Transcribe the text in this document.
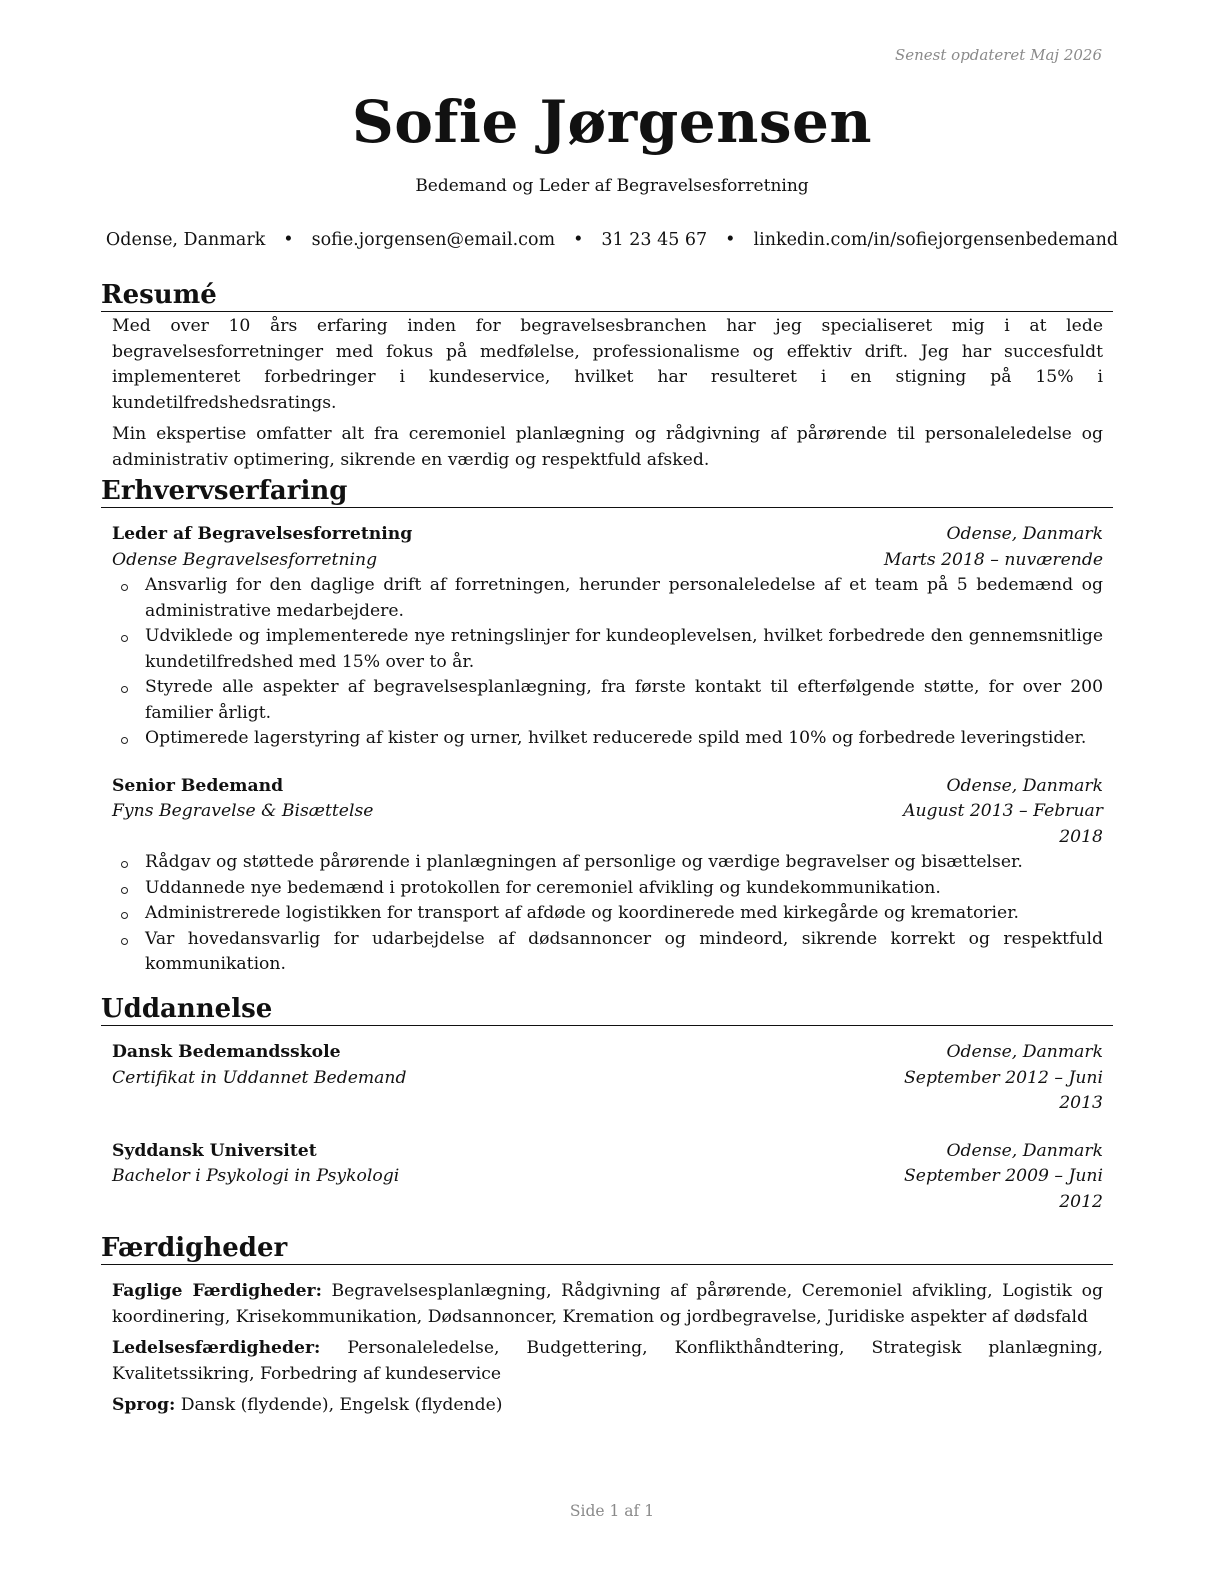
Senest opdateret Maj 2026
Sofie Jørgensen
Bedemand og Leder af Begravelsesforretning
Odense, Danmark • sofie.jorgensen@email.com • 31 23 45 67 • linkedin.com/in/sofiejorgensenbedemand
Resumé

Med over 10 års erfaring inden for begravelsesbranchen har jeg specialiseret mig i at lede begravelsesforretninger med fokus på medfølelse, professionalisme og effektiv drift. Jeg har succesfuldt implementeret forbedringer i kundeservice, hvilket har resulteret i en stigning på 15% i kundetilfredshedsratings.

Min ekspertise omfatter alt fra ceremoniel planlægning og rådgivning af pårørende til personaleledelse og administrativ optimering, sikrende en værdig og respektfuld afsked.

Erhvervserfaring
Leder af Begravelsesforretning	Odense, Danmark
Odense Begravelsesforretning	Marts 2018 – nuværende
Ansvarlig for den daglige drift af forretningen, herunder personaleledelse af et team på 5 bedemænd og administrative medarbejdere.
Udviklede og implementerede nye retningslinjer for kundeoplevelsen, hvilket forbedrede den gennemsnitlige kundetilfredshed med 15% over to år.
Styrede alle aspekter af begravelsesplanlægning, fra første kontakt til efterfølgende støtte, for over 200 familier årligt.
Optimerede lagerstyring af kister og urner, hvilket reducerede spild med 10% og forbedrede leveringstider.
Senior Bedemand	Odense, Danmark
Fyns Begravelse & Bisættelse	August 2013 – Februar 2018
Rådgav og støttede pårørende i planlægningen af personlige og værdige begravelser og bisættelser.
Uddannede nye bedemænd i protokollen for ceremoniel afvikling og kundekommunikation.
Administrerede logistikken for transport af afdøde og koordinerede med kirkegårde og krematorier.
Var hovedansvarlig for udarbejdelse af dødsannoncer og mindeord, sikrende korrekt og respektfuld kommunikation.
Uddannelse
Dansk Bedemandsskole	Odense, Danmark
Certifikat in Uddannet Bedemand	September 2012 – Juni 2013
Syddansk Universitet	Odense, Danmark
Bachelor i Psykologi in Psykologi	September 2009 – Juni 2012
Færdigheder

Faglige Færdigheder: Begravelsesplanlægning, Rådgivning af pårørende, Ceremoniel afvikling, Logistik og koordinering, Krisekommunikation, Dødsannoncer, Kremation og jordbegravelse, Juridiske aspekter af dødsfald

Ledelsesfærdigheder: Personaleledelse, Budgettering, Konflikthåndtering, Strategisk planlægning, Kvalitetssikring, Forbedring af kundeservice

Sprog: Dansk (flydende), Engelsk (flydende)

Side 1 af 1
